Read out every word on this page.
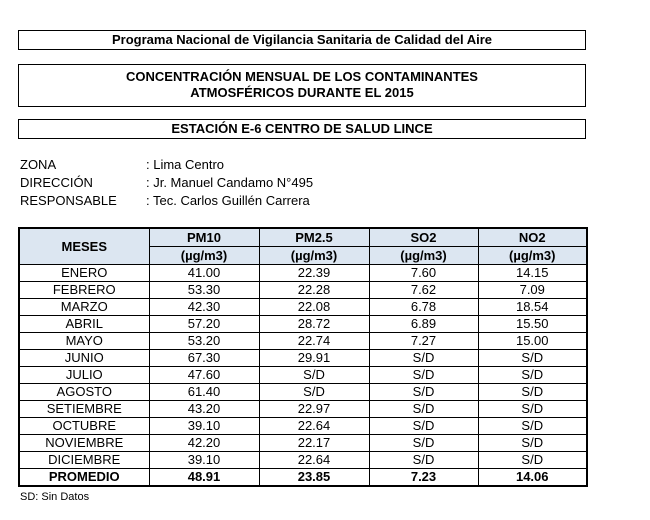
Programa Nacional de Vigilancia Sanitaria de Calidad del Aire
CONCENTRACIÓN MENSUAL DE LOS CONTAMINANTES
ATMOSFÉRICOS DURANTE EL 2015
ESTACIÓN E-6 CENTRO DE SALUD LINCE
ZONA	: Lima Centro
DIRECCIÓN	: Jr. Manuel Candamo N°495
RESPONSABLE : Tec. Carlos Guillén Carrera
MESES	PM10	PM2.5	SO2	NO2
	(µg/m3)	(µg/m3)	(µg/m3)	(µg/m3)
ENERO	41.00	22.39	7.60	14.15
FEBRERO	53.30	22.28	7.62	7.09
MARZO	42.30	22.08	6.78	18.54
ABRIL	57.20	28.72	6.89	15.50
MAYO	53.20	22.74	7.27	15.00
JUNIO	67.30	29.91	S/D	S/D
JULIO	47.60	S/D	S/D	S/D
AGOSTO	61.40	S/D	S/D	S/D
SETIEMBRE	43.20	22.97	S/D	S/D
OCTUBRE	39.10	22.64	S/D	S/D
NOVIEMBRE	42.20	22.17	S/D	S/D
DICIEMBRE	39.10	22.64	S/D	S/D
PROMEDIO	48.91	23.85	7.23	14.06
SD: Sin Datos
